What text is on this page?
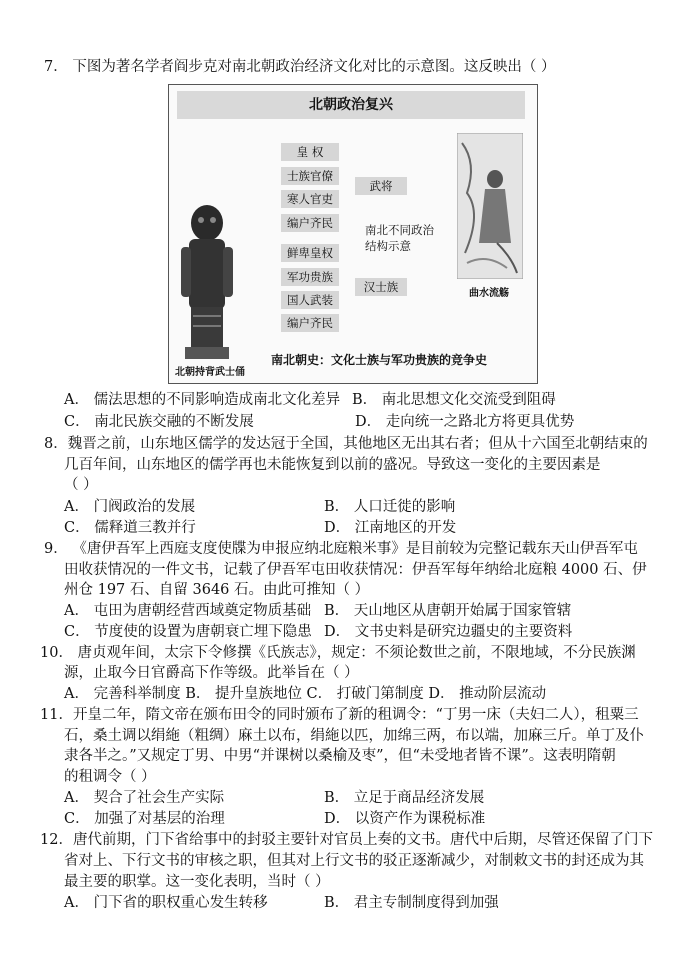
7． 下图为著名学者阎步克对南北朝政治经济文化对比的示意图。这反映出（ ）
北朝政治复兴
北朝持背武士俑
曲水流觞
皇 权
士族官僚
寒人官吏
编户齐民
鲜卑皇权
军功贵族
国人武装
编户齐民
武将
南北不同政治
结构示意
汉士族
南北朝史：文化士族与军功贵族的竞争史
A． 儒法思想的不同影响造成南北文化差异 B． 南北思想文化交流受到阻碍
C． 南北民族交融的不断发展	D． 走向统一之路北方将更具优势
8．魏晋之前，山东地区儒学的发达冠于全国，其他地区无出其右者；但从十六国至北朝结束的
几百年间，山东地区的儒学再也未能恢复到以前的盛况。导致这一变化的主要因素是
（ ）
A． 门阀政治的发展	B． 人口迁徙的影响
C． 儒释道三教并行	D． 江南地区的开发
9． 《唐伊吾军上西庭支度使牒为申报应纳北庭粮米事》是目前较为完整记载东天山伊吾军屯
田收获情况的一件文书，记载了伊吾军屯田收获情况：伊吾军每年纳给北庭粮 4000 石、伊
州仓 197 石、自留 3646 石。由此可推知（ ）
A． 屯田为唐朝经营西域奠定物质基础 B． 天山地区从唐朝开始属于国家管辖
C． 节度使的设置为唐朝衰亡埋下隐患 D． 文书史料是研究边疆史的主要资料
10． 唐贞观年间，太宗下令修撰《氏族志》，规定：不须论数世之前，不限地域，不分民族渊
源，止取今日官爵高下作等级。此举旨在（ ）
A． 完善科举制度 B． 提升皇族地位 C． 打破门第制度 D． 推动阶层流动
11．开皇二年，隋文帝在颁布田令的同时颁布了新的租调令：“丁男一床（夫妇二人），租粟三
石，桑土调以绢絁（粗绸）麻土以布，绢絁以匹，加绵三两，布以端，加麻三斤。单丁及仆
隶各半之。”又规定丁男、中男“并课树以桑榆及枣”，但“未受地者皆不课”。这表明隋朝
的租调令（ ）
A． 契合了社会生产实际	B． 立足于商品经济发展
C． 加强了对基层的治理	D． 以资产作为课税标准
12．唐代前期，门下省给事中的封驳主要针对官员上奏的文书。唐代中后期，尽管还保留了门下
省对上、下行文书的审核之职，但其对上行文书的驳正逐渐减少，对制敕文书的封还成为其
最主要的职掌。这一变化表明，当时（ ）
A． 门下省的职权重心发生转移	B． 君主专制制度得到加强
